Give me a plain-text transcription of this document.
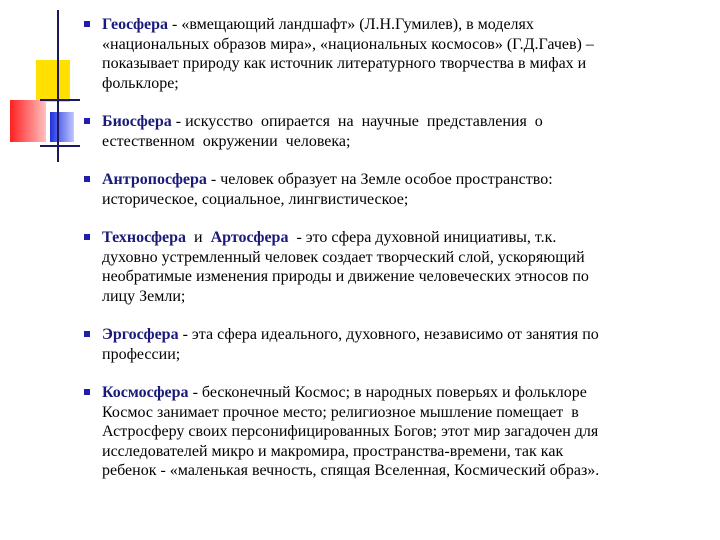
Геосфера - «вмещающий ландшафт» (Л.Н.Гумилев), в моделях
«национальных образов мира», «национальных космосов» (Г.Д.Гачев) –
показывает природу как источник литературного творчества в мифах и
фольклоре;
Биосфера - искусство  опирается  на  научные  представления  о
естественном  окружении  человека;
Антропосфера - человек образует на Земле особое пространство:
историческое, социальное, лингвистическое;
Техносфера  и  Артосфера  - это сфера духовной инициативы, т.к.
духовно устремленный человек создает творческий слой, ускоряющий
необратимые изменения природы и движение человеческих этносов по
лицу Земли;
Эргосфера - эта сфера идеального, духовного, независимо от занятия по
профессии;
Космосфера - бесконечный Космос; в народных поверьях и фольклоре
Космос занимает прочное место; религиозное мышление помещает  в
Астросферу своих персонифицированных Богов; этот мир загадочен для
исследователей микро и макромира, пространства-времени, так как
ребенок - «маленькая вечность, спящая Вселенная, Космический образ».
